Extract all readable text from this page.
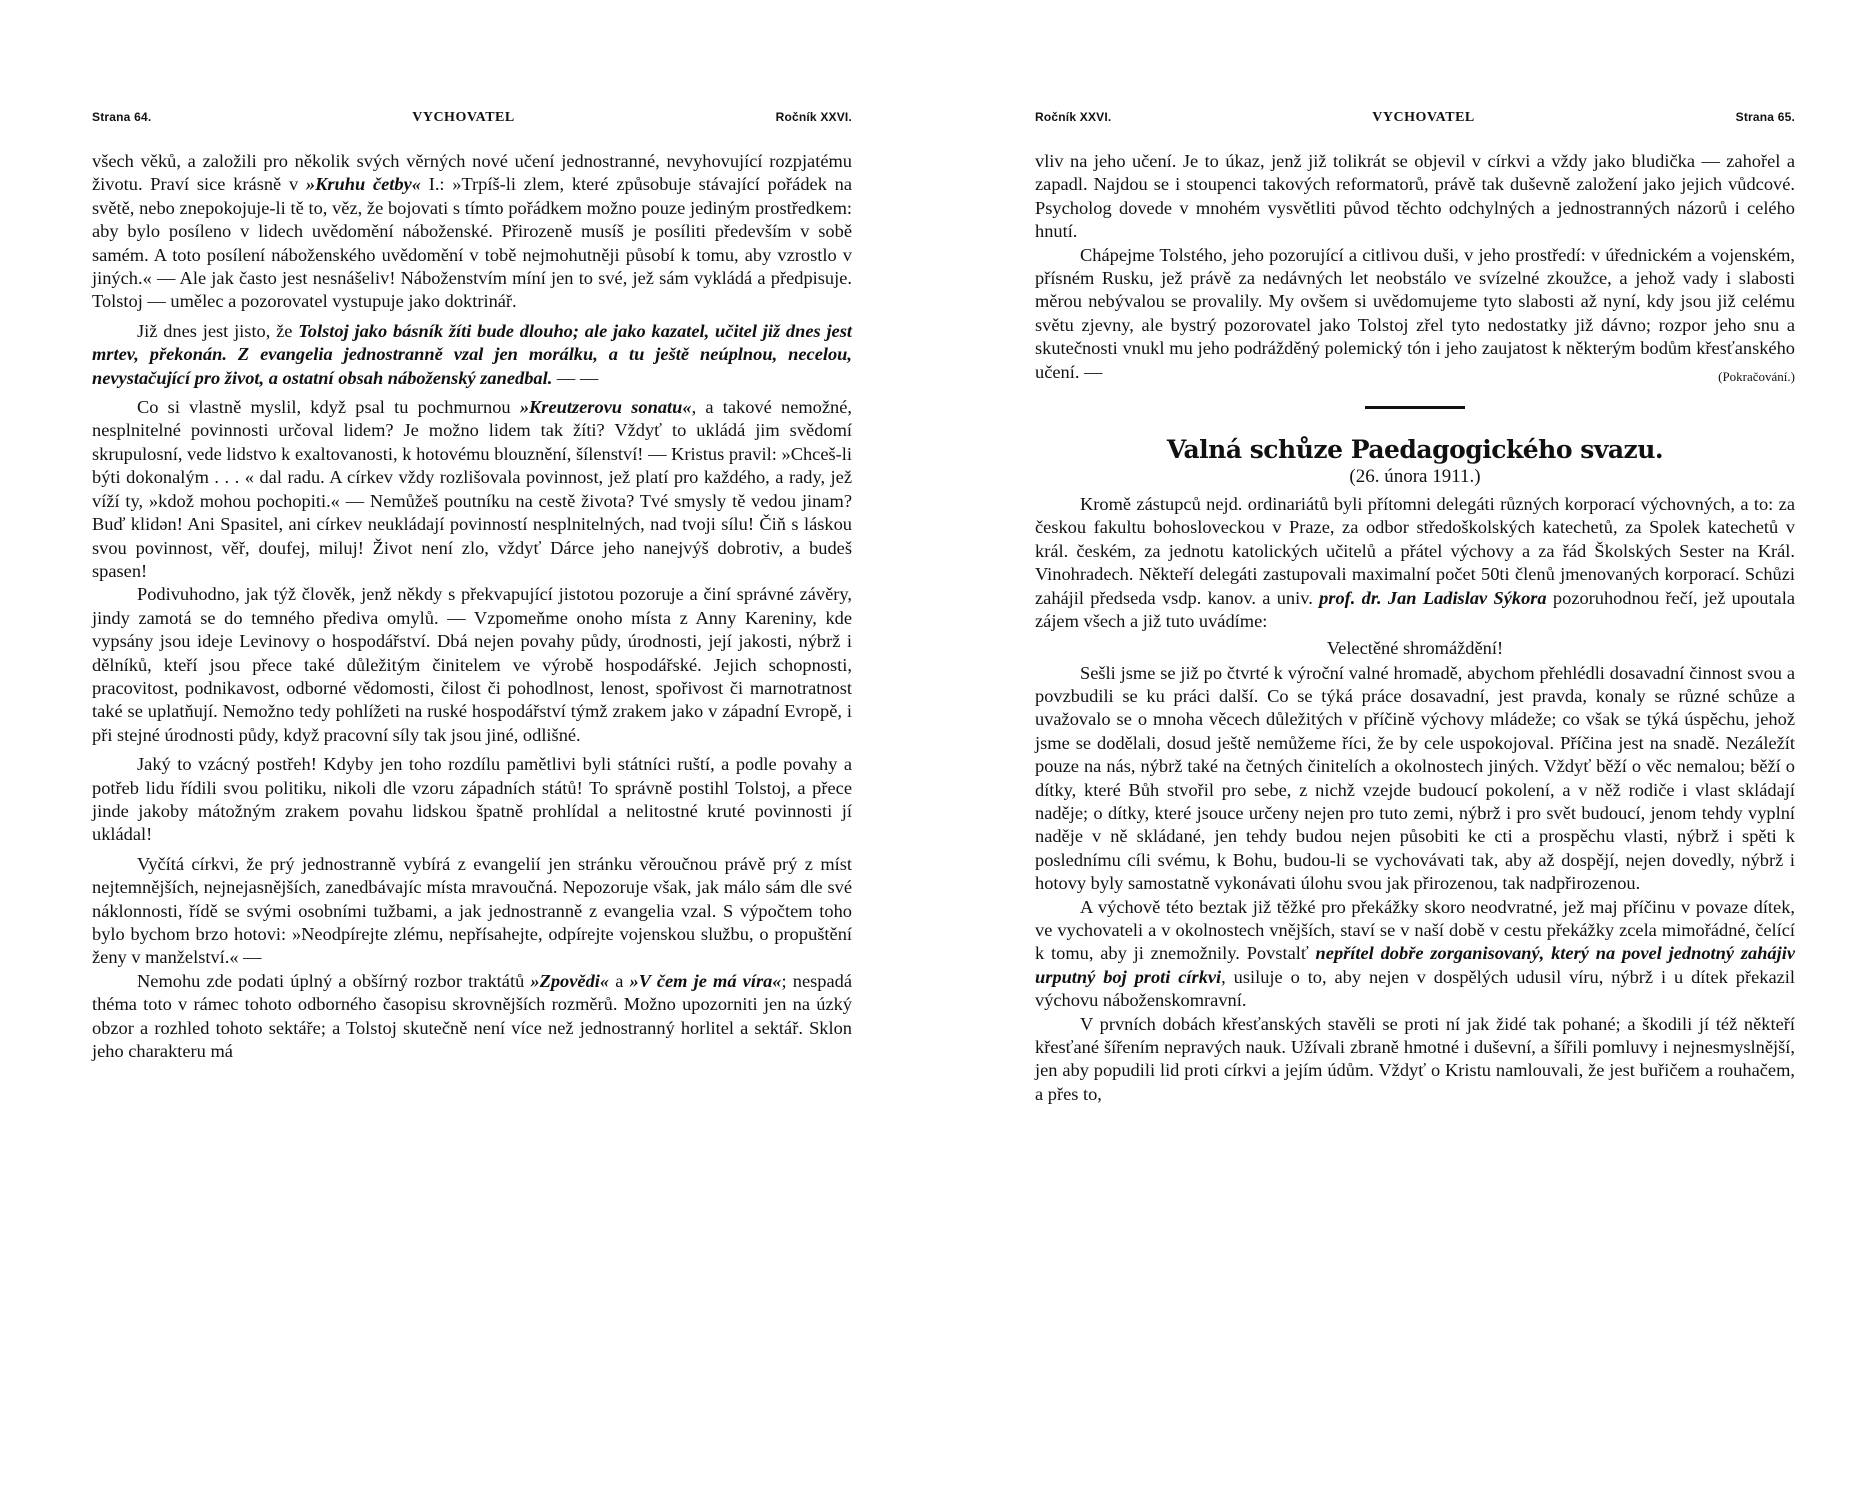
Strana 64.	VYCHOVATEL	Ročník XXVI.

všech věků, a založili pro několik svých věrných nové učení jednostranné, nevyhovující rozpjatému životu. Praví sice krásně v »Kruhu četby« I.: »Trpíš-li zlem, které způsobuje stávající pořádek na světě, nebo znepokojuje-li tě to, věz, že bojovati s tímto pořádkem možno pouze jediným prostředkem: aby bylo posíleno v lidech uvědomění náboženské. Přirozeně musíš je posíliti především v sobě samém. A toto posílení náboženského uvědomění v tobě nejmohutněji působí k tomu, aby vzrostlo v jiných.« — Ale jak často jest nesnášeliv! Náboženstvím míní jen to své, jež sám vykládá a předpisuje. Tolstoj — umělec a pozorovatel vystupuje jako doktrinář.

Již dnes jest jisto, že Tolstoj jako básník žíti bude dlouho; ale jako kazatel, učitel již dnes jest mrtev, překonán. Z evangelia jednostranně vzal jen morálku, a tu ještě neúplnou, necelou, nevystačující pro život, a ostatní obsah náboženský zanedbal. — —

Co si vlastně myslil, když psal tu pochmurnou »Kreutzerovu sonatu«, a takové nemožné, nesplnitelné povinnosti určoval lidem? Je možno lidem tak žíti? Vždyť to ukládá jim svědomí skrupulosní, vede lidstvo k exaltovanosti, k hotovému blouznění, šílenství! — Kristus pravil: »Chceš-li býti dokonalým . . . « dal radu. A církev vždy rozlišovala povinnost, jež platí pro každého, a rady, jež víží ty, »kdož mohou pochopiti.« — Nemůžeš poutníku na cestě života? Tvé smysly tě vedou jinam? Buď klidən! Ani Spasitel, ani církev neukládají povinností nesplnitelných, nad tvoji sílu! Čiň s láskou svou povinnost, věř, doufej, miluj! Život není zlo, vždyť Dárce jeho nanejvýš dobrotiv, a budeš spasen!

Podivuhodno, jak týž člověk, jenž někdy s překvapující jistotou pozoruje a činí správné závěry, jindy zamotá se do temného přediva omylů. — Vzpomeňme onoho místa z Anny Kareniny, kde vypsány jsou ideje Levinovy o hospodářství. Dbá nejen povahy půdy, úrodnosti, její jakosti, nýbrž i dělníků, kteří jsou přece také důležitým činitelem ve výrobě hospodářské. Jejich schopnosti, pracovitost, podnikavost, odborné vědomosti, čilost či pohodlnost, lenost, spořivost či marnotratnost také se uplatňují. Nemožno tedy pohlížeti na ruské hospodářství týmž zrakem jako v západní Evropě, i při stejné úrodnosti půdy, když pracovní síly tak jsou jiné, odlišné.

Jaký to vzácný postřeh! Kdyby jen toho rozdílu pamětlivi byli státníci ruští, a podle povahy a potřeb lidu řídili svou politiku, nikoli dle vzoru západních států! To správně postihl Tolstoj, a přece jinde jakoby mátožným zrakem povahu lidskou špatně prohlídal a nelitostné kruté povinnosti jí ukládal!

Vyčítá církvi, že prý jednostranně vybírá z evangelií jen stránku věroučnou právě prý z míst nejtemnějších, nejnejasnějších, zanedbávajíc místa mravoučná. Nepozoruje však, jak málo sám dle své náklonnosti, řídě se svými osobními tužbami, a jak jednostranně z evangelia vzal. S výpočtem toho bylo bychom brzo hotovi: »Neodpírejte zlému, nepřísahejte, odpírejte vojenskou službu, o propuštění ženy v manželství.« —

Nemohu zde podati úplný a obšírný rozbor traktátů »Zpovědi« a »V čem je má víra«; nespadá théma toto v rámec tohoto odborného časopisu skrovnějších rozměrů. Možno upozorniti jen na úzký obzor a rozhled tohoto sektáře; a Tolstoj skutečně není více než jednostranný horlitel a sektář. Sklon jeho charakteru má

Ročník XXVI.	VYCHOVATEL	Strana 65.

vliv na jeho učení. Je to úkaz, jenž již tolikrát se objevil v církvi a vždy jako bludička — zahořel a zapadl. Najdou se i stoupenci takových reformatorů, právě tak duševně založení jako jejich vůdcové. Psycholog dovede v mnohém vysvětliti původ těchto odchylných a jednostranných názorů i celého hnutí.

Chápejme Tolstého, jeho pozorující a citlivou duši, v jeho prostředí: v úřednickém a vojenském, přísném Rusku, jež právě za nedávných let neobstálo ve svízelné zkoužce, a jehož vady i slabosti měrou nebývalou se provalily. My ovšem si uvědomujeme tyto slabosti až nyní, kdy jsou již celému světu zjevny, ale bystrý pozorovatel jako Tolstoj zřel tyto nedostatky již dávno; rozpor jeho snu a skutečnosti vnukl mu jeho podrážděný polemický tón i jeho zaujatost k některým bodům křesťanského učení. —	(Pokračování.)

Valná schůze Paedagogického svazu.

(26. února 1911.)

Kromě zástupců nejd. ordinariátů byli přítomni delegáti různých korporací výchovných, a to: za českou fakultu bohosloveckou v Praze, za odbor středoškolských katechetů, za Spolek katechetů v král. českém, za jednotu katolických učitelů a přátel výchovy a za řád Školských Sester na Král. Vinohradech. Někteří delegáti zastupovali maximalní počet 50ti členů jmenovaných korporací. Schůzi zahájil předseda vsdp. kanov. a univ. prof. dr. Jan Ladislav Sýkora pozoruhodnou řečí, jež upoutala zájem všech a již tuto uvádíme:

Velectěné shromáždění!

Sešli jsme se již po čtvrté k výroční valné hromadě, abychom přehlédli dosavadní činnost svou a povzbudili se ku práci další. Co se týká práce dosavadní, jest pravda, konaly se různé schůze a uvažovalo se o mnoha věcech důležitých v příčině výchovy mládeže; co však se týká úspěchu, jehož jsme se dodělali, dosud ještě nemůžeme říci, že by cele uspokojoval. Příčina jest na snadě. Nezáležít pouze na nás, nýbrž také na četných činitelích a okolnostech jiných. Vždyť běží o věc nemalou; běží o dítky, které Bůh stvořil pro sebe, z nichž vzejde budoucí pokolení, a v něž rodiče i vlast skládají naděje; o dítky, které jsouce určeny nejen pro tuto zemi, nýbrž i pro svět budoucí, jenom tehdy vyplní naděje v ně skládané, jen tehdy budou nejen působiti ke cti a prospěchu vlasti, nýbrž i spěti k poslednímu cíli svému, k Bohu, budou-li se vychovávati tak, aby až dospějí, nejen dovedly, nýbrž i hotovy byly samostatně vykonávati úlohu svou jak přirozenou, tak nadpřirozenou.

A výchově této beztak již těžké pro překážky skoro neodvratné, jež maj příčinu v povaze dítek, ve vychovateli a v okolnostech vnějších, staví se v naší době v cestu překážky zcela mimořádné, čelící k tomu, aby ji znemožnily. Povstalť nepřítel dobře zorganisovaný, který na povel jednotný zahájiv urputný boj proti církvi, usiluje o to, aby nejen v dospělých udusil víru, nýbrž i u dítek překazil výchovu náboženskomravní.

V prvních dobách křesťanských stavěli se proti ní jak židé tak pohané; a škodili jí též někteří křesťané šířením nepravých nauk. Užívali zbraně hmotné i duševní, a šířili pomluvy i nejnesmyslnější, jen aby popudili lid proti církvi a jejím údům. Vždyť o Kristu namlouvali, že jest buřičem a rouhačem, a přes to,
